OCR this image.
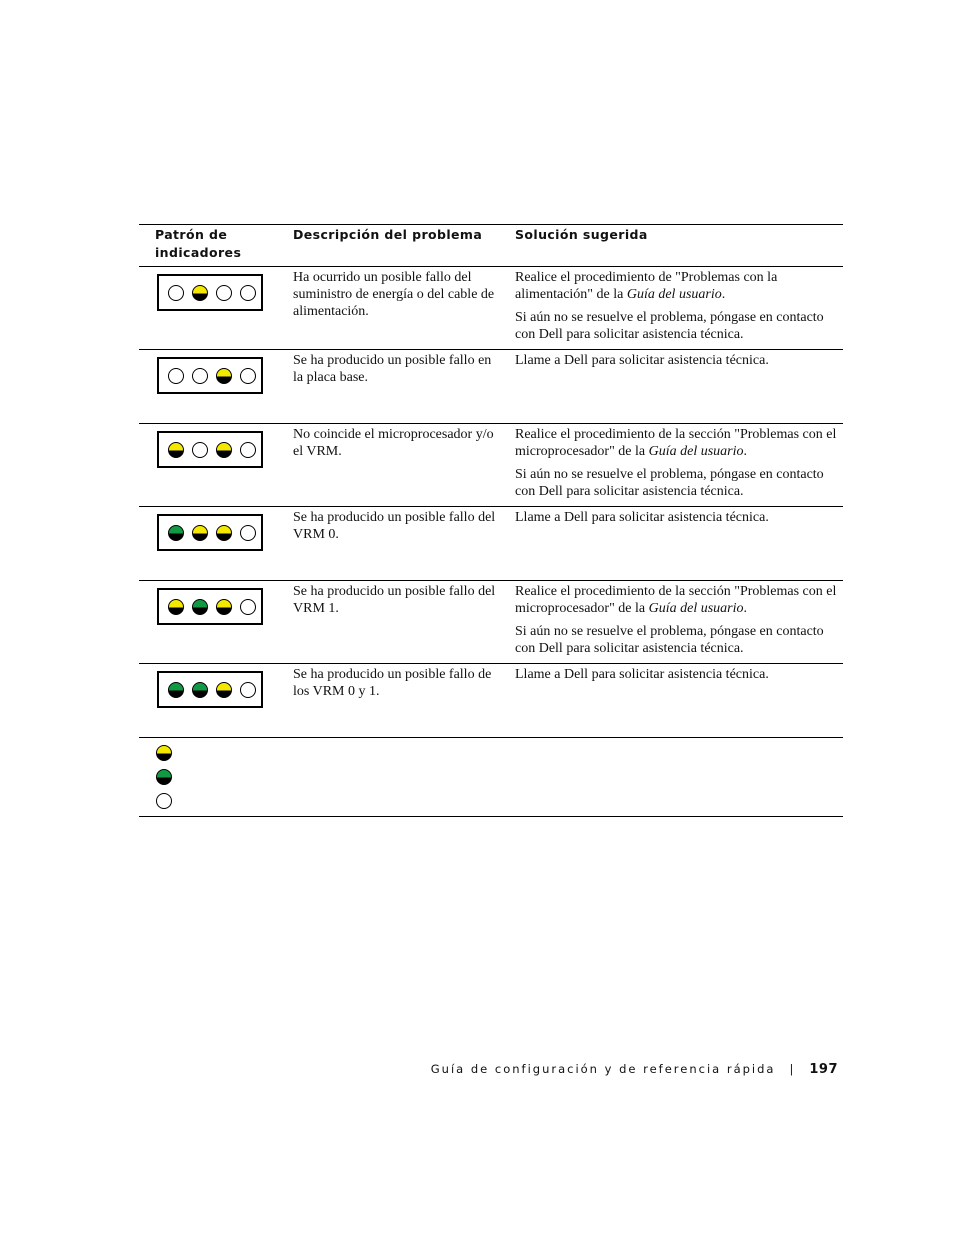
Patrón de
indicadores
Descripción del problema	Solución sugerida
Ha ocurrido un posible fallo del suministro de energía o del cable de alimentación.

Realice el procedimiento de "Problemas con la alimentación" de la Guía del usuario.

Si aún no se resuelve el problema, póngase en contacto con Dell para solicitar asistencia técnica.

Se ha producido un posible fallo en la placa base.

Llame a Dell para solicitar asistencia técnica.

No coincide el microprocesador y/o el VRM.

Realice el procedimiento de la sección "Problemas con el microprocesador" de la Guía del usuario.

Si aún no se resuelve el problema, póngase en contacto con Dell para solicitar asistencia técnica.

Se ha producido un posible fallo del VRM 0.

Llame a Dell para solicitar asistencia técnica.

Se ha producido un posible fallo del VRM 1.

Realice el procedimiento de la sección "Problemas con el microprocesador" de la Guía del usuario.

Si aún no se resuelve el problema, póngase en contacto con Dell para solicitar asistencia técnica.

Se ha producido un posible fallo de los VRM 0 y 1.

Llame a Dell para solicitar asistencia técnica.

Guía de configuración y de referencia rápida | 197
